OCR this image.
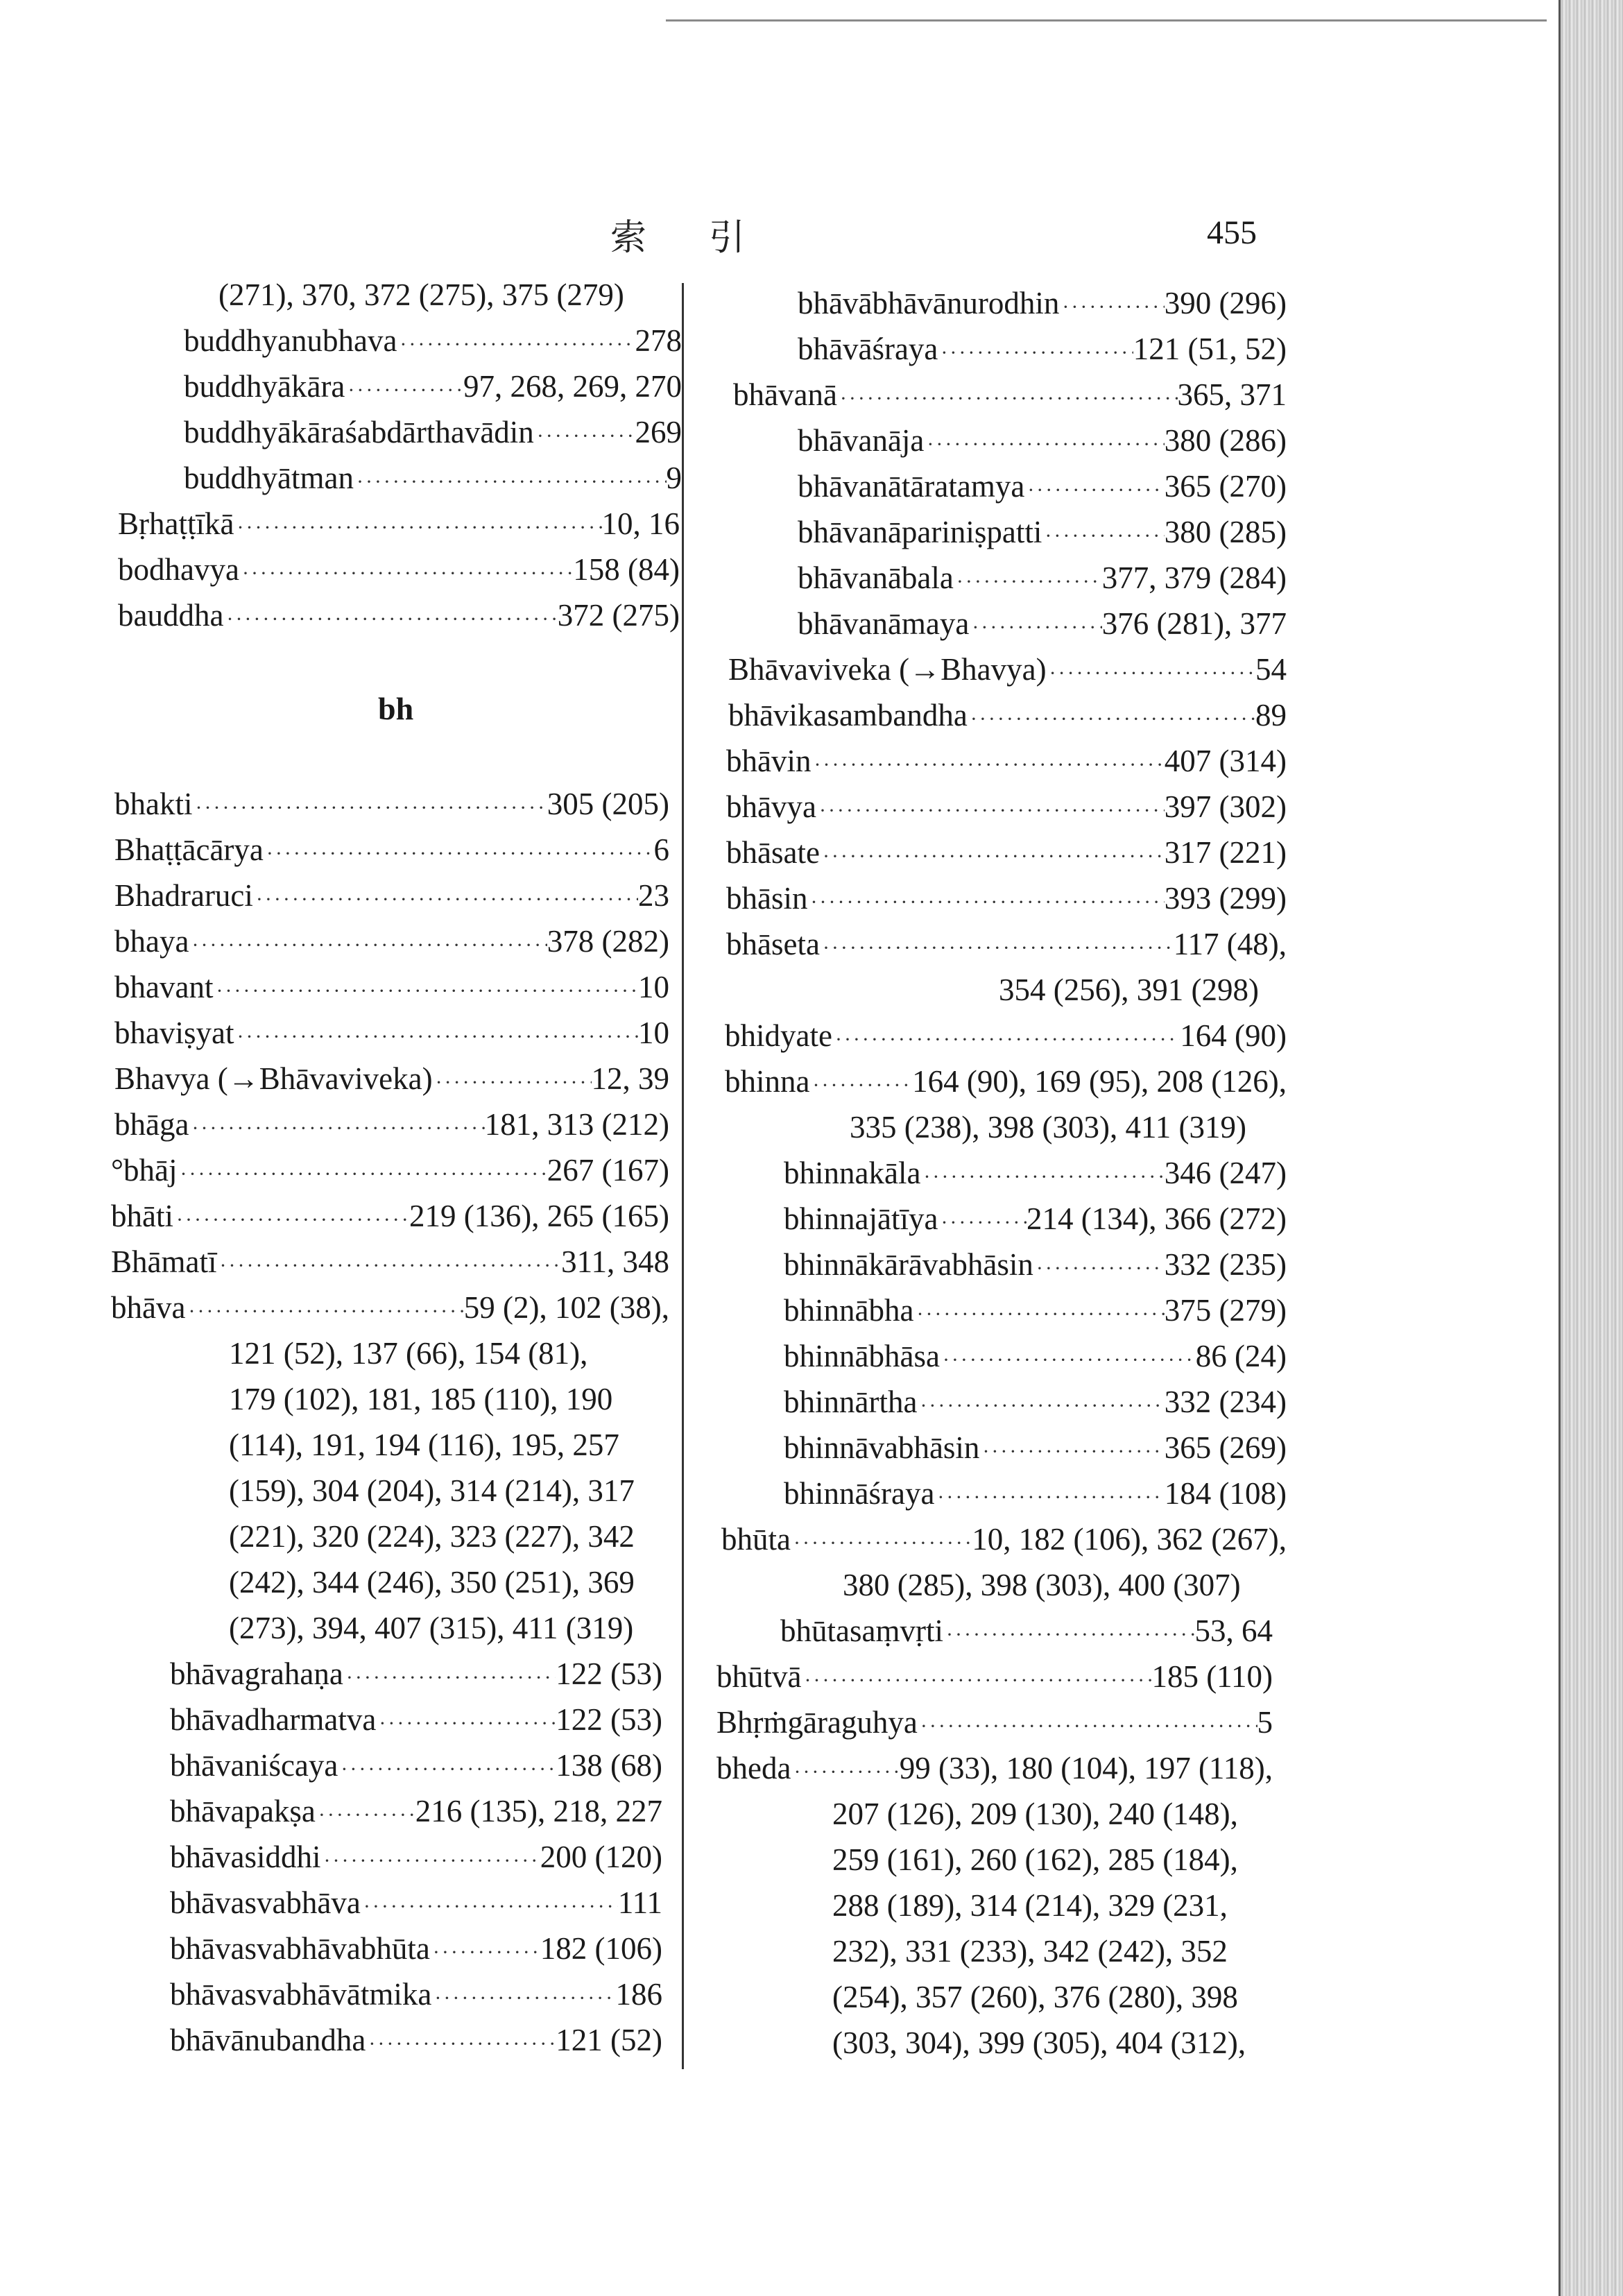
索引	455
(271), 370, 372 (275), 375 (279)
buddhyanubhava ·····	278
buddhyākāra ·····	97, 268, 269, 270
buddhyākāraśabdārthavādin ·····	269
buddhyātman ·····	9
Bṛhaṭṭīkā ·····	10, 16
bodhavya ·····	158 (84)
bauddha ·····	372 (275)
bh
bhakti ·····	305 (205)
Bhaṭṭācārya ·····	6
Bhadraruci ·····	23
bhaya ·····	378 (282)
bhavant ·····	10
bhaviṣyat ·····	10
Bhavya (→Bhāvaviveka) ·····	12, 39
bhāga ·····	181, 313 (212)
°bhāj ·····	267 (167)
bhāti ·····	219 (136), 265 (165)
Bhāmatī ·····	311, 348
bhāva ·····	59 (2), 102 (38),
121 (52), 137 (66), 154 (81),
179 (102), 181, 185 (110), 190
(114), 191, 194 (116), 195, 257
(159), 304 (204), 314 (214), 317
(221), 320 (224), 323 (227), 342
(242), 344 (246), 350 (251), 369
(273), 394, 407 (315), 411 (319)
bhāvagrahaṇa ·····	122 (53)
bhāvadharmatva ·····	122 (53)
bhāvaniścaya ·····	138 (68)
bhāvapakṣa ·····	216 (135), 218, 227
bhāvasiddhi ·····	200 (120)
bhāvasvabhāva ·····	111
bhāvasvabhāvabhūta ·····	182 (106)
bhāvasvabhāvātmika ·····	186
bhāvānubandha ·····	121 (52)
bhāvābhāvānurodhin ·····	390 (296)
bhāvāśraya ·····	121 (51, 52)
bhāvanā ·····	365, 371
bhāvanāja ·····	380 (286)
bhāvanātāratamya ·····	365 (270)
bhāvanāpariniṣpatti ·····	380 (285)
bhāvanābala ·····	377, 379 (284)
bhāvanāmaya ·····	376 (281), 377
Bhāvaviveka (→Bhavya) ·····	54
bhāvikasambandha ·····	89
bhāvin ·····	407 (314)
bhāvya ·····	397 (302)
bhāsate ·····	317 (221)
bhāsin ·····	393 (299)
bhāseta ·····	117 (48),
354 (256), 391 (298)
bhidyate ·····	164 (90)
bhinna ·····	164 (90), 169 (95), 208 (126),
335 (238), 398 (303), 411 (319)
bhinnakāla ·····	346 (247)
bhinnajātīya ·····	214 (134), 366 (272)
bhinnākārāvabhāsin ·····	332 (235)
bhinnābha ·····	375 (279)
bhinnābhāsa ·····	86 (24)
bhinnārtha ·····	332 (234)
bhinnāvabhāsin ·····	365 (269)
bhinnāśraya ·····	184 (108)
bhūta ·····	10, 182 (106), 362 (267),
380 (285), 398 (303), 400 (307)
bhūtasaṃvṛti ·····	53, 64
bhūtvā ·····	185 (110)
Bhṛṁgāraguhya ·····	5
bheda ·····	99 (33), 180 (104), 197 (118),
207 (126), 209 (130), 240 (148),
259 (161), 260 (162), 285 (184),
288 (189), 314 (214), 329 (231,
232), 331 (233), 342 (242), 352
(254), 357 (260), 376 (280), 398
(303, 304), 399 (305), 404 (312),
